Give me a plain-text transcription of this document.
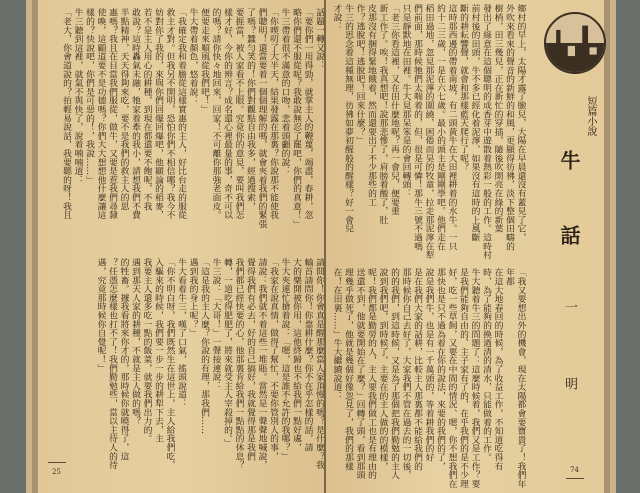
話題一轉又說：

「要你們一用得勁，就掌主人的鞭蔑，竭盡，春耕，忽

略你們還不服從呢？我敢說無忍了罷吧，你們的真意！」

牛三帶着很不滿意的口吻，悲着頭顱的說：

「你喫叨了大半天，結果發露在那裏？你說那不能使我

們聰明！還當要着一個個理解的嗎，就會夾着我們的緊張

了嗎？蠶勻笑的！你們對觀點自由我多，經過搜索，

要捱當，被人家看不上眼。究竟你的意見，要叫我們怎

樣才好，今你的辨言？成名還心裡最量的事，奇不可以

的嗎？請你快々地回來，回家！不可離你那強老面皮。

便要走來順風從我們吧！」

牛大帶着顏色，悠着說：

「我確定我和着膽從這樣實惠的主人，好比台走的服從

救主才對。但我另不開明，恐怕你們不相信哪？我今不

妨對你了我的，來與你們回爆回爆吧，他顯論的稻麥，

若不是主人用心的耕種，到現在都還要不飽呢，不我

敢說？這時轟氣未融，牠家着牽的我小，請想我們不費

半點精神，天天得夠來吃，要不是我們的救主人的思

惠嗎？我且在目當我們服從，做牛，又要是惹我們尋隸

使喚，這顧道要不是功德嗎？你們大大想想他什麼讓這

樣的？快說吧，你們是可惡的！，我說……」

牛三聽到這裡，就氣不與快了，說着喃喃道：

「老大，你會道說的？拍輕易說話，我要聽的呀！我且

請問你！你會真是醒那麼當人家頂慢的嗎？是什麼？我

輸首請問你！你靠耕什麼？你不在乎怎樣的話，請

大的樂開被你用，這他終歸也不給我們一點好處，

牛大夾連忙搶着說：「嗯，這是誰不允許的我哪？」

「我家在說真情，做得了幫忙，不要你管別人的事，

請說：我們就不着這些一堆賬。當然是一聲聲地喊說，

覺得我們有必去，好的自己搞好，我就覺得那是我們

我們都已經快要的心，他那裏肯給我們一點點的休息？

轉，一道吃得肥肥了，將來就受主人宰殺掉的。」

牛三說：「大哥！」一聲接連說：

「這是我的主人麼？你說的有理，那我們……

遇到我的身上呢？」

牛大看着牛三，嘆了口氣，搖頭說道：

「你不明白呀，我們既然生在這世上，主人給我們吃，

入驅來的時候，我們要一步一步的耕犁下去，主

我要主人還多吃一點的飯菜，就要我們出力的。

遇到那天人家的耕種，不就是主人做的嗎？

的牲畜。據我看將來你才的，那時候你就曉得了，這

？任憑怎麼樣也打不了！我們勤勉些，當以主待人的待遇，究竟那時候你自覺呢！」

25

鄉村的早上，太陽才露了臉兒，大陽在早晨還沒有蓋見了它，

外吹來看來的聲音的新鮮的和風，更顯得彷彿，淡下整個田疇的

樹梢，田三幾兒，正在新忙的穿插，隨後吹開亮在綠的新葉

發出了綠意在這個聰明的成香芽中遊散着熱彩一般的工作。這時村

前村後的田頭，牛不多已經化着泥濘，如果沒有這時的上風斷

斷的耕耘響聲，就會和那樣藍天爬行了呢？

這時那西邊的帶着南坡，有二頭黃牛在大田裡耕着的水牛。一只

約十二三歲，一是在六七歲。最小的頭主是剛剛學吧。他們走在

稻田過地，忽見那泥濘的圍繞，困倦而昊的牧童，拉走那泥濘在犁

們前面，那時候牠們太喘着的，但，很是可憐！那牛三號不過嗎

只是靜默地在田裡。牛大見那呆笨是的會回轉頭：

「老三你看這裡，又在田什麼地呢？再一會兒，便要重

新工作了。唉！我真想吧！說那悲慘了，肩膀着酸了，肚

皮那沒有捆得緊地餓着，然而還要出了不少那些的工

作？逃脫吧！逃脫吧！回來什麼？」

牛三的思念着這種無理，彷彿如夢初醒般的醒樣？好一會兒

才說：

「我又要想出外的機會，現在太陽都會要寶貴了！我們年年都

在這大地春回的時候，為了收益工作，不知道吃得有

時，為了能夠的換過清的清水，只能做着的工作。

牛大聽着牛三的問題了：這麼時候着，我們又是工作？要

是我們能夠自由的、主子家有了的，在乎我們的是不少理

好，吃一些草飼，又要在中間的情況、嗯，你不想我們在

那快也是只不過為着在你的說法，來要的我們的了，

說是我們牛，也是有一千萬頭的，等着耕我們的好

是在我們大家的話耕，比較主人那裏都不能給我們的

那時候你自己去好了，大家我們不管在過去的一切後，

的的我們，到這時候，又是為了那個把我們勤勉的主人

說到我們吧，到時候了，主要在的主人做的的模樣，

呢！我們都是勤勞的人，主人要我們做工也是有理由的

送還不到，他就要開始在了麼？」回轉了頭，看到那頭

理幾乎做死了，他就是幾個好像忽見了，我們的那樣

在！在田裏……」牛大繼續說道：

短篇小說
牛 話
一 明
74
